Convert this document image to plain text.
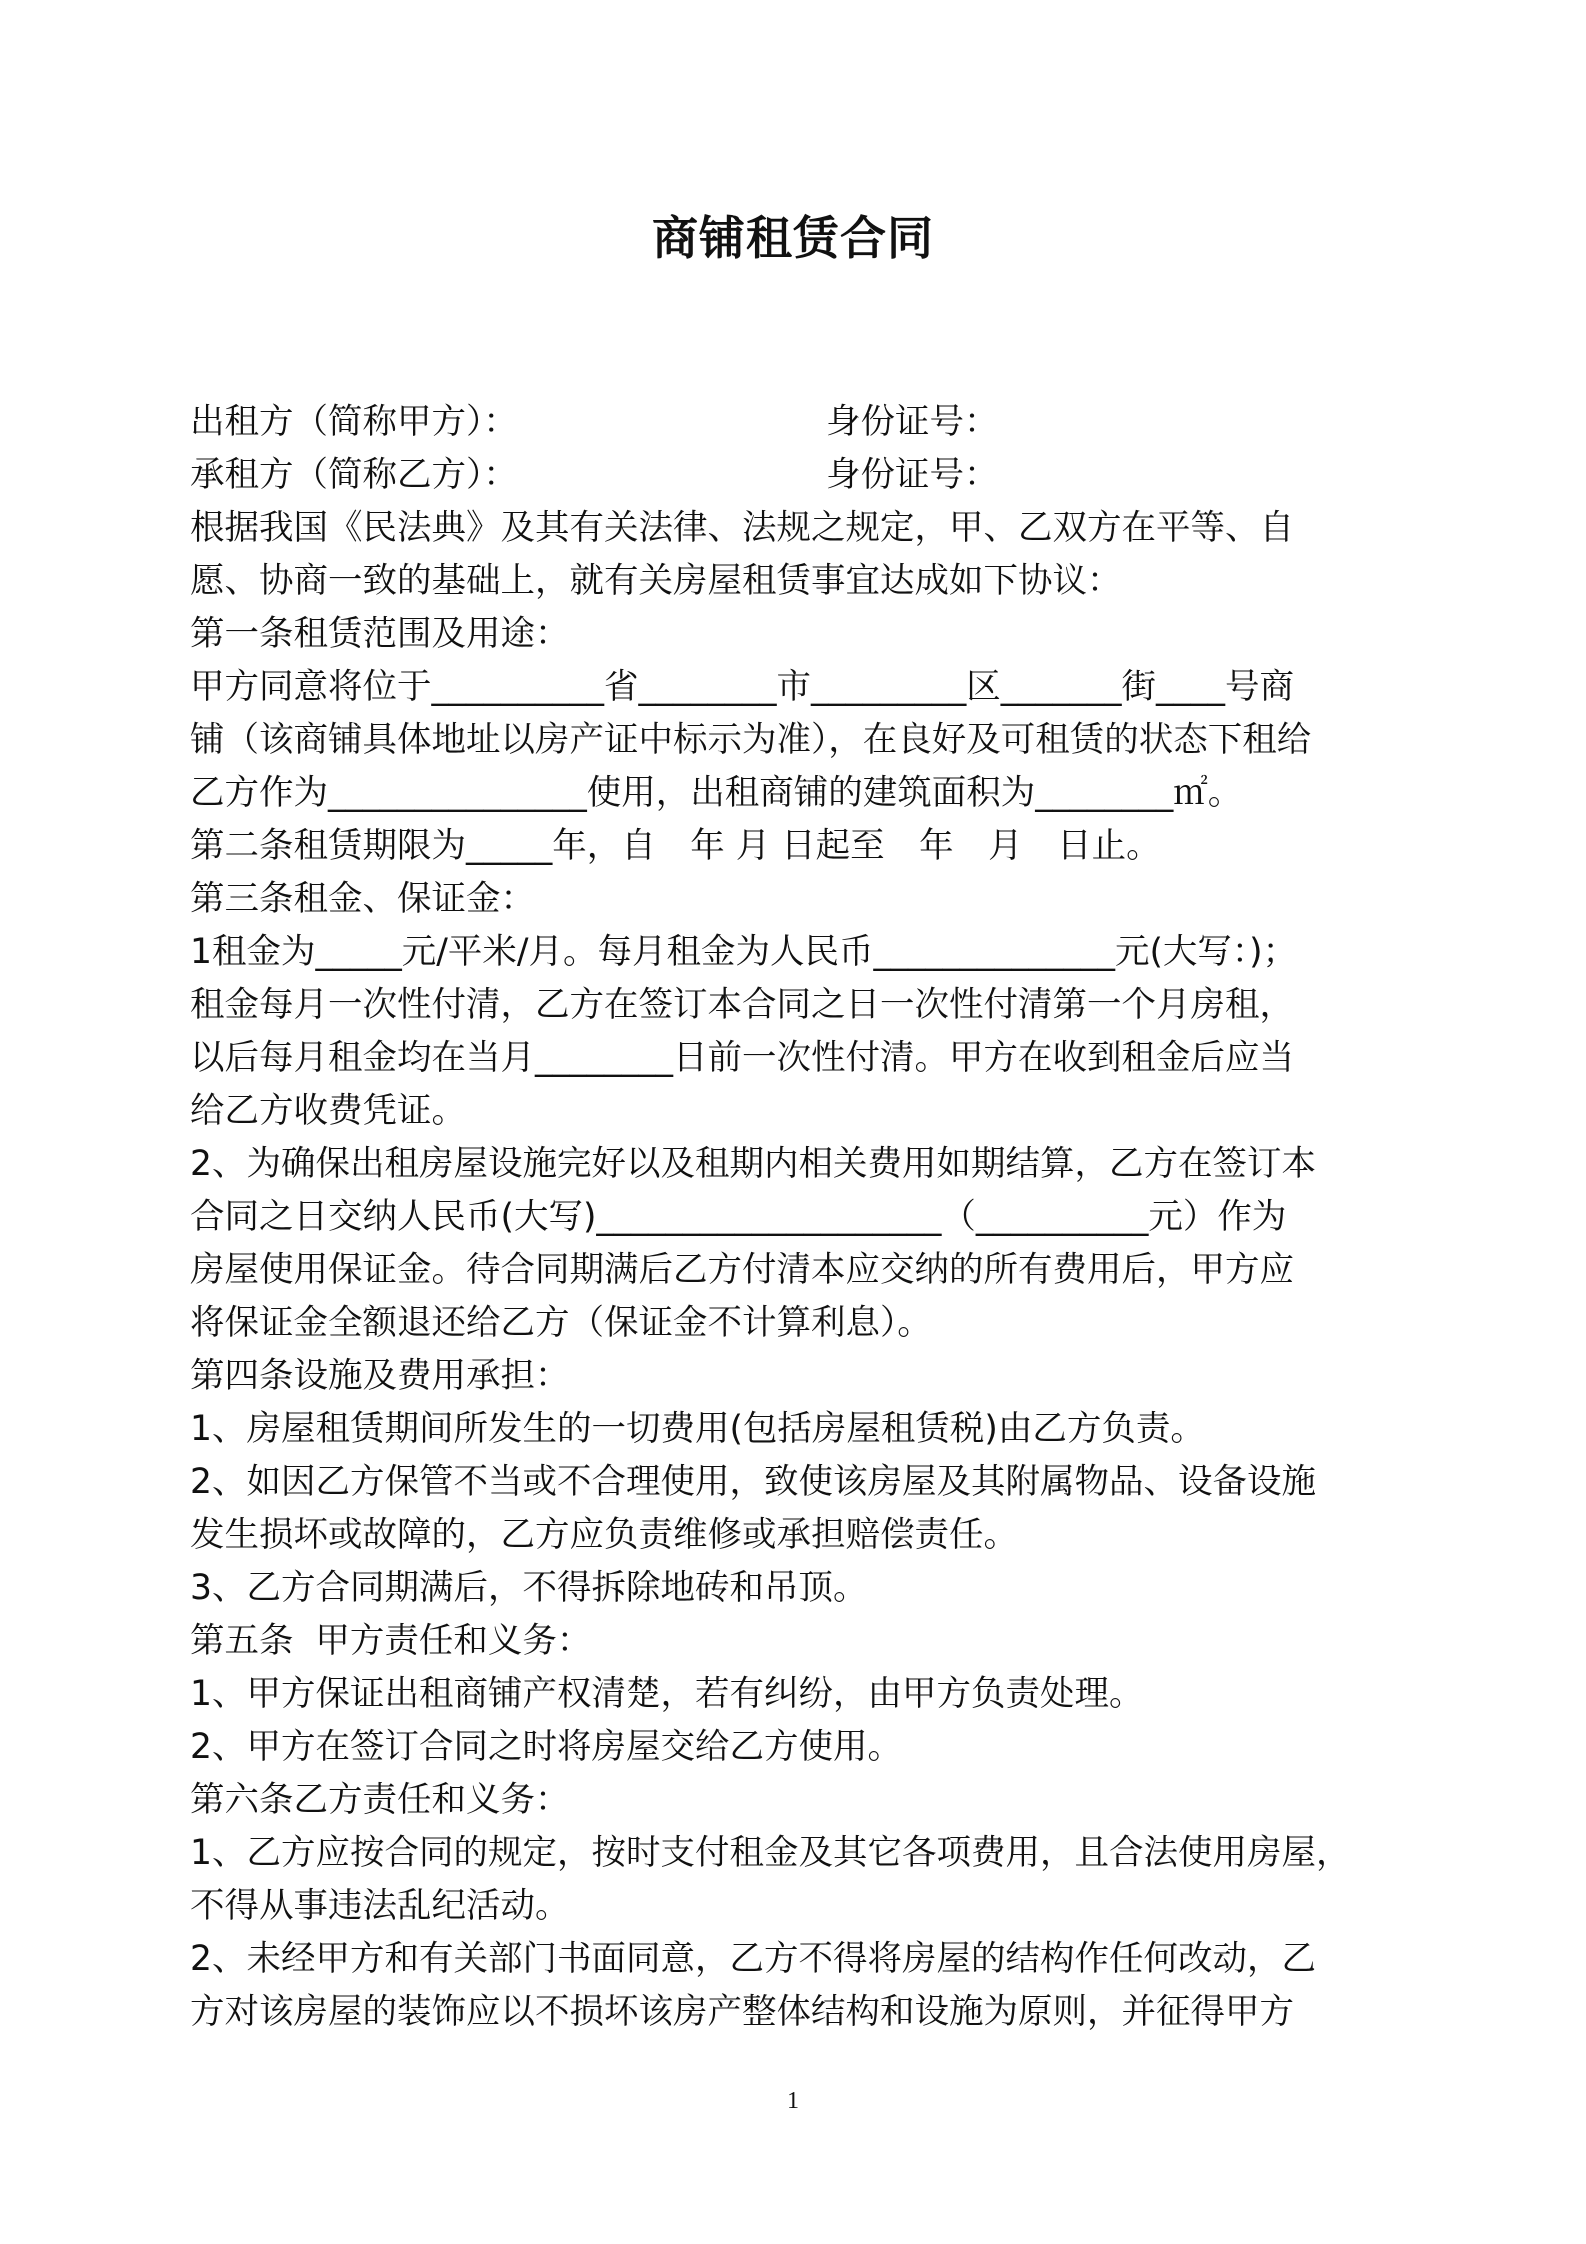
商铺租赁合同
出租方（简称甲方）：	身份证号：
承租方（简称乙方）：	身份证号：
根据我国《民法典》及其有关法律、法规之规定，甲、乙双方在平等、自
愿、协商一致的基础上，就有关房屋租赁事宜达成如下协议：
第一条租赁范围及用途：
甲方同意将位于__________省________市_________区_______街____号商
铺（该商铺具体地址以房产证中标示为准），在良好及可租赁的状态下租给
乙方作为_______________使用，出租商铺的建筑面积为________㎡。
第二条租赁期限为_____年，自　年 月 日起至　年　月　日止。
第三条租金、保证金：
1租金为_____元/平米/月。每月租金为人民币______________元(大写：)；
租金每月一次性付清，乙方在签订本合同之日一次性付清第一个月房租，
以后每月租金均在当月________日前一次性付清。甲方在收到租金后应当
给乙方收费凭证。
2、为确保出租房屋设施完好以及租期内相关费用如期结算，乙方在签订本
合同之日交纳人民币(大写)____________________（__________元）作为
房屋使用保证金。待合同期满后乙方付清本应交纳的所有费用后，甲方应
将保证金全额退还给乙方（保证金不计算利息）。
第四条设施及费用承担：
1、房屋租赁期间所发生的一切费用(包括房屋租赁税)由乙方负责。
2、如因乙方保管不当或不合理使用，致使该房屋及其附属物品、设备设施
发生损坏或故障的，乙方应负责维修或承担赔偿责任。
3、乙方合同期满后，不得拆除地砖和吊顶。
第五条  甲方责任和义务：
1、甲方保证出租商铺产权清楚，若有纠纷，由甲方负责处理。
2、甲方在签订合同之时将房屋交给乙方使用。
第六条乙方责任和义务：
1、乙方应按合同的规定，按时支付租金及其它各项费用，且合法使用房屋，
不得从事违法乱纪活动。
2、未经甲方和有关部门书面同意，乙方不得将房屋的结构作任何改动，乙
方对该房屋的装饰应以不损坏该房产整体结构和设施为原则，并征得甲方
1
